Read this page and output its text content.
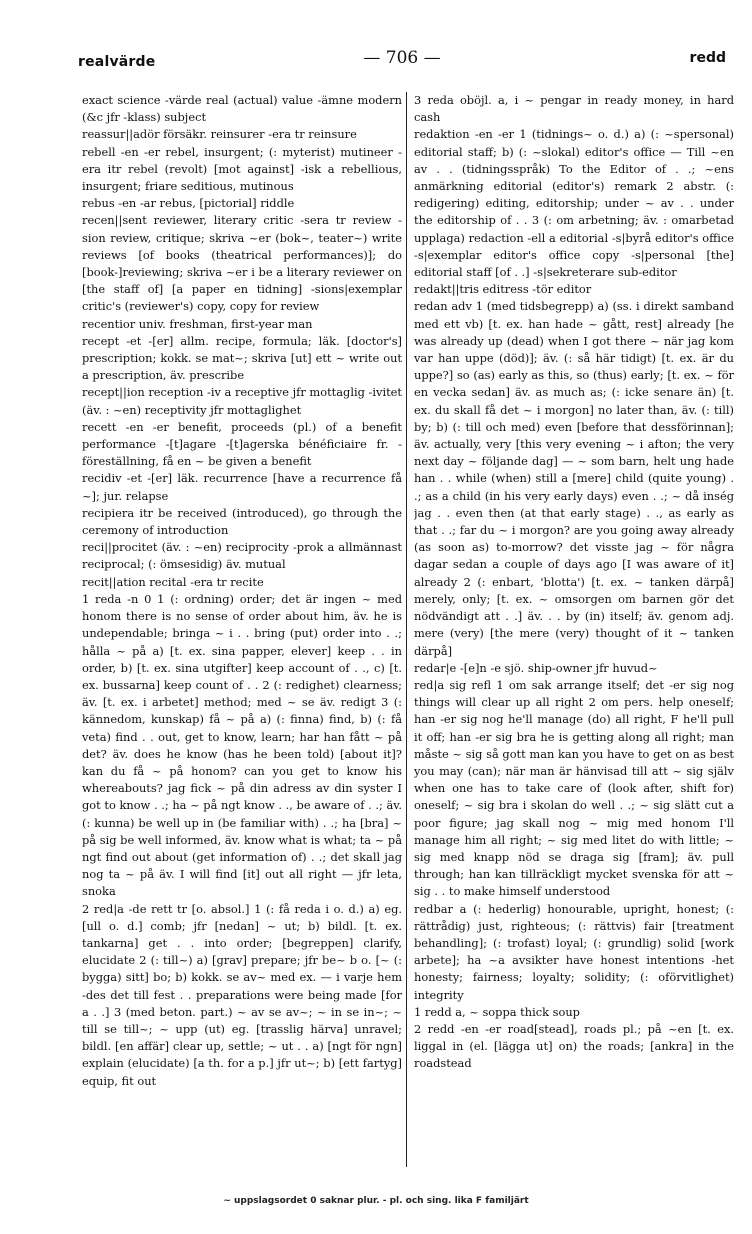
realvärde	— 706 —	redd

exact science -värde real (actual) value -ämne modern (&c jfr -klass) subject

reassur||adör försäkr. reinsurer -era tr reinsure

rebell -en -er rebel, insurgent; (: myterist) mutineer -era itr rebel (revolt) [mot against] -isk a rebellious, insurgent; friare seditious, mutinous

rebus -en -ar rebus, [pictorial] riddle

recen||sent reviewer, literary critic -sera tr review -sion review, critique; skriva ~er (bok~, teater~) write reviews [of books (theatrical performances)]; do [book-]reviewing; skriva ~er i be a literary reviewer on [the staff of] [a paper en tidning] -sions|exemplar critic's (reviewer's) copy, copy for review

recentior univ. freshman, first-year man

recept -et -[er] allm. recipe, formula; läk. [doctor's] prescription; kokk. se mat~; skriva [ut] ett ~ write out a prescription, äv. prescribe

recept||ion reception -iv a receptive jfr mottaglig -ivitet (äv. : ~en) receptivity jfr mottaglighet

recett -en -er benefit, proceeds (pl.) of a benefit performance -[t]agare -[t]agerska bénéficiaire fr. -föreställning, få en ~ be given a benefit

recidiv -et -[er] läk. recurrence [have a recurrence få ~]; jur. relapse

recipiera itr be received (introduced), go through the ceremony of introduction

reci||procitet (äv. : ~en) reciprocity -prok a allmännast reciprocal; (: ömsesidig) äv. mutual

recit||ation recital -era tr recite

1 reda -n 0 1 (: ordning) order; det är ingen ~ med honom there is no sense of order about him, äv. he is undependable; bringa ~ i . . bring (put) order into . .; hålla ~ på a) [t. ex. sina papper, elever] keep . . in order, b) [t. ex. sina utgifter] keep account of . ., c) [t. ex. bussarna] keep count of . . 2 (: redighet) clearness; äv. [t. ex. i arbetet] method; med ~ se äv. redigt 3 (: kännedom, kunskap) få ~ på a) (: finna) find, b) (: få veta) find . . out, get to know, learn; har han fått ~ på det? äv. does he know (has he been told) [about it]? kan du få ~ på honom? can you get to know his whereabouts? jag fick ~ på din adress av din syster I got to know . .; ha ~ på ngt know . ., be aware of . .; äv. (: kunna) be well up in (be familiar with) . .; ha [bra] ~ på sig be well informed, äv. know what is what; ta ~ på ngt find out about (get information of) . .; det skall jag nog ta ~ på äv. I will find [it] out all right — jfr leta, snoka

2 red|a -de rett tr [o. absol.] 1 (: få reda i o. d.) a) eg. [ull o. d.] comb; jfr [nedan] ~ ut; b) bildl. [t. ex. tankarna] get . . into order; [begreppen] clarify, elucidate 2 (: till~) a) [grav] prepare; jfr be~ b o. [~ (: bygga) sitt] bo; b) kokk. se av~ med ex. — i varje hem -des det till fest . . preparations were being made [for a . .] 3 (med beton. part.) ~ av se av~; ~ in se in~; ~ till se till~; ~ upp (ut) eg. [trasslig härva] unravel; bildl. [en affär] clear up, settle; ~ ut . . a) [ngt för ngn] explain (elucidate) [a th. for a p.] jfr ut~; b) [ett fartyg] equip, fit out

3 reda oböjl. a, i ~ pengar in ready money, in hard cash

redaktion -en -er 1 (tidnings~ o. d.) a) (: ~spersonal) editorial staff; b) (: ~slokal) editor's office — Till ~en av . . (tidningsspråk) To the Editor of . .; ~ens anmärkning editorial (editor's) remark 2 abstr. (: redigering) editing, editorship; under ~ av . . under the editorship of . . 3 (: om arbetning; äv. : omarbetad upplaga) redaction -ell a editorial -s|byrå editor's office -s|exemplar editor's office copy -s|personal [the] editorial staff [of . .] -s|sekreterare sub-editor

redakt||tris editress -tör editor

redan adv 1 (med tidsbegrepp) a) (ss. i direkt samband med ett vb) [t. ex. han hade ~ gått, rest] already [he was already up (dead) when I got there ~ när jag kom var han uppe (död)]; äv. (: så här tidigt) [t. ex. är du uppe?] so (as) early as this, so (thus) early; [t. ex. ~ för en vecka sedan] äv. as much as; (: icke senare än) [t. ex. du skall få det ~ i morgon] no later than, äv. (: till) by; b) (: till och med) even [before that dessförinnan]; äv. actually, very [this very evening ~ i afton; the very next day ~ följande dag] — ~ som barn, helt ung hade han . . while (when) still a [mere] child (quite young) . .; as a child (in his very early days) even . .; ~ då inség jag . . even then (at that early stage) . ., as early as that . .; far du ~ i morgon? are you going away already (as soon as) to-morrow? det visste jag ~ för några dagar sedan a couple of days ago [I was aware of it] already 2 (: enbart, 'blotta') [t. ex. ~ tanken därpå] merely, only; [t. ex. ~ omsorgen om barnen gör det nödvändigt att . .] äv. . . by (in) itself; äv. genom adj. mere (very) [the mere (very) thought of it ~ tanken därpå]

redar|e -[e]n -e sjö. ship-owner jfr huvud~

red|a sig refl 1 om sak arrange itself; det -er sig nog things will clear up all right 2 om pers. help oneself; han -er sig nog he'll manage (do) all right, F he'll pull it off; han -er sig bra he is getting along all right; man måste ~ sig så gott man kan you have to get on as best you may (can); när man är hänvisad till att ~ sig själv when one has to take care of (look after, shift for) oneself; ~ sig bra i skolan do well . .; ~ sig slätt cut a poor figure; jag skall nog ~ mig med honom I'll manage him all right; ~ sig med litet do with little; ~ sig med knapp nöd se draga sig [fram]; äv. pull through; han kan tillräckligt mycket svenska för att ~ sig . . to make himself understood

redbar a (: hederlig) honourable, upright, honest; (: rättrådig) just, righteous; (: rättvis) fair [treatment behandling]; (: trofast) loyal; (: grundlig) solid [work arbete]; ha ~a avsikter have honest intentions -het honesty; fairness; loyalty; solidity; (: oförvitlighet) integrity

1 redd a, ~ soppa thick soup

2 redd -en -er road[stead], roads pl.; på ~en [t. ex. liggal in (el. [lägga ut] on) the roads; [ankra] in the roadstead

~ uppslagsordet 0 saknar plur. - pl. och sing. lika F familjärt
